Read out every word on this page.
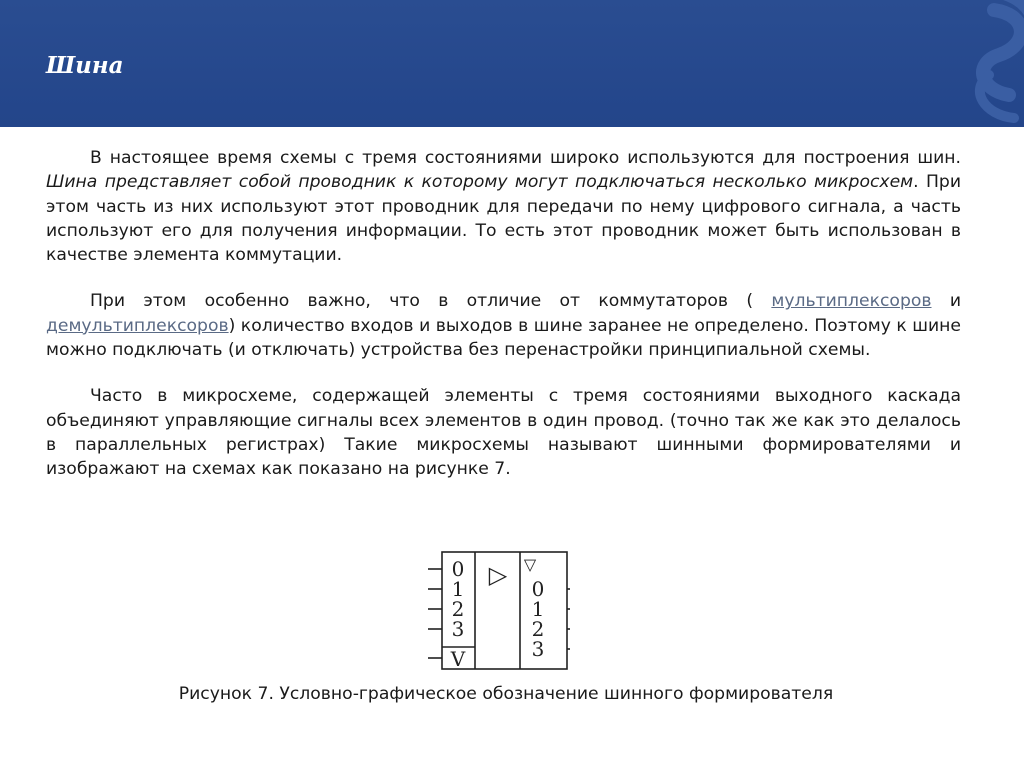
Шина

В настоящее время схемы с тремя состояниями широко используются для построения шин. Шина представляет собой проводник к которому могут подключаться несколько микросхем. При этом часть из них используют этот проводник для передачи по нему цифрового сигнала, а часть используют его для получения информации. То есть этот проводник может быть использован в качестве элемента коммутации.

При этом особенно важно, что в отличие от коммутаторов ( мультиплексоров и демультиплексоров) количество входов и выходов в шине заранее не определено. Поэтому к шине можно подключать (и отключать) устройства без перенастройки принципиальной схемы.

Часто в микросхеме, содержащей элементы с тремя состояниями выходного каскада объединяют управляющие сигналы всех элементов в один провод. (точно так же как это делалось в параллельных регистрах) Такие микросхемы называют шинными формирователями и изображают на схемах как показано на рисунке 7.

0
1
2
3
V
0
1
2
3
▷ ▽
Рисунок 7. Условно-графическое обозначение шинного формирователя
